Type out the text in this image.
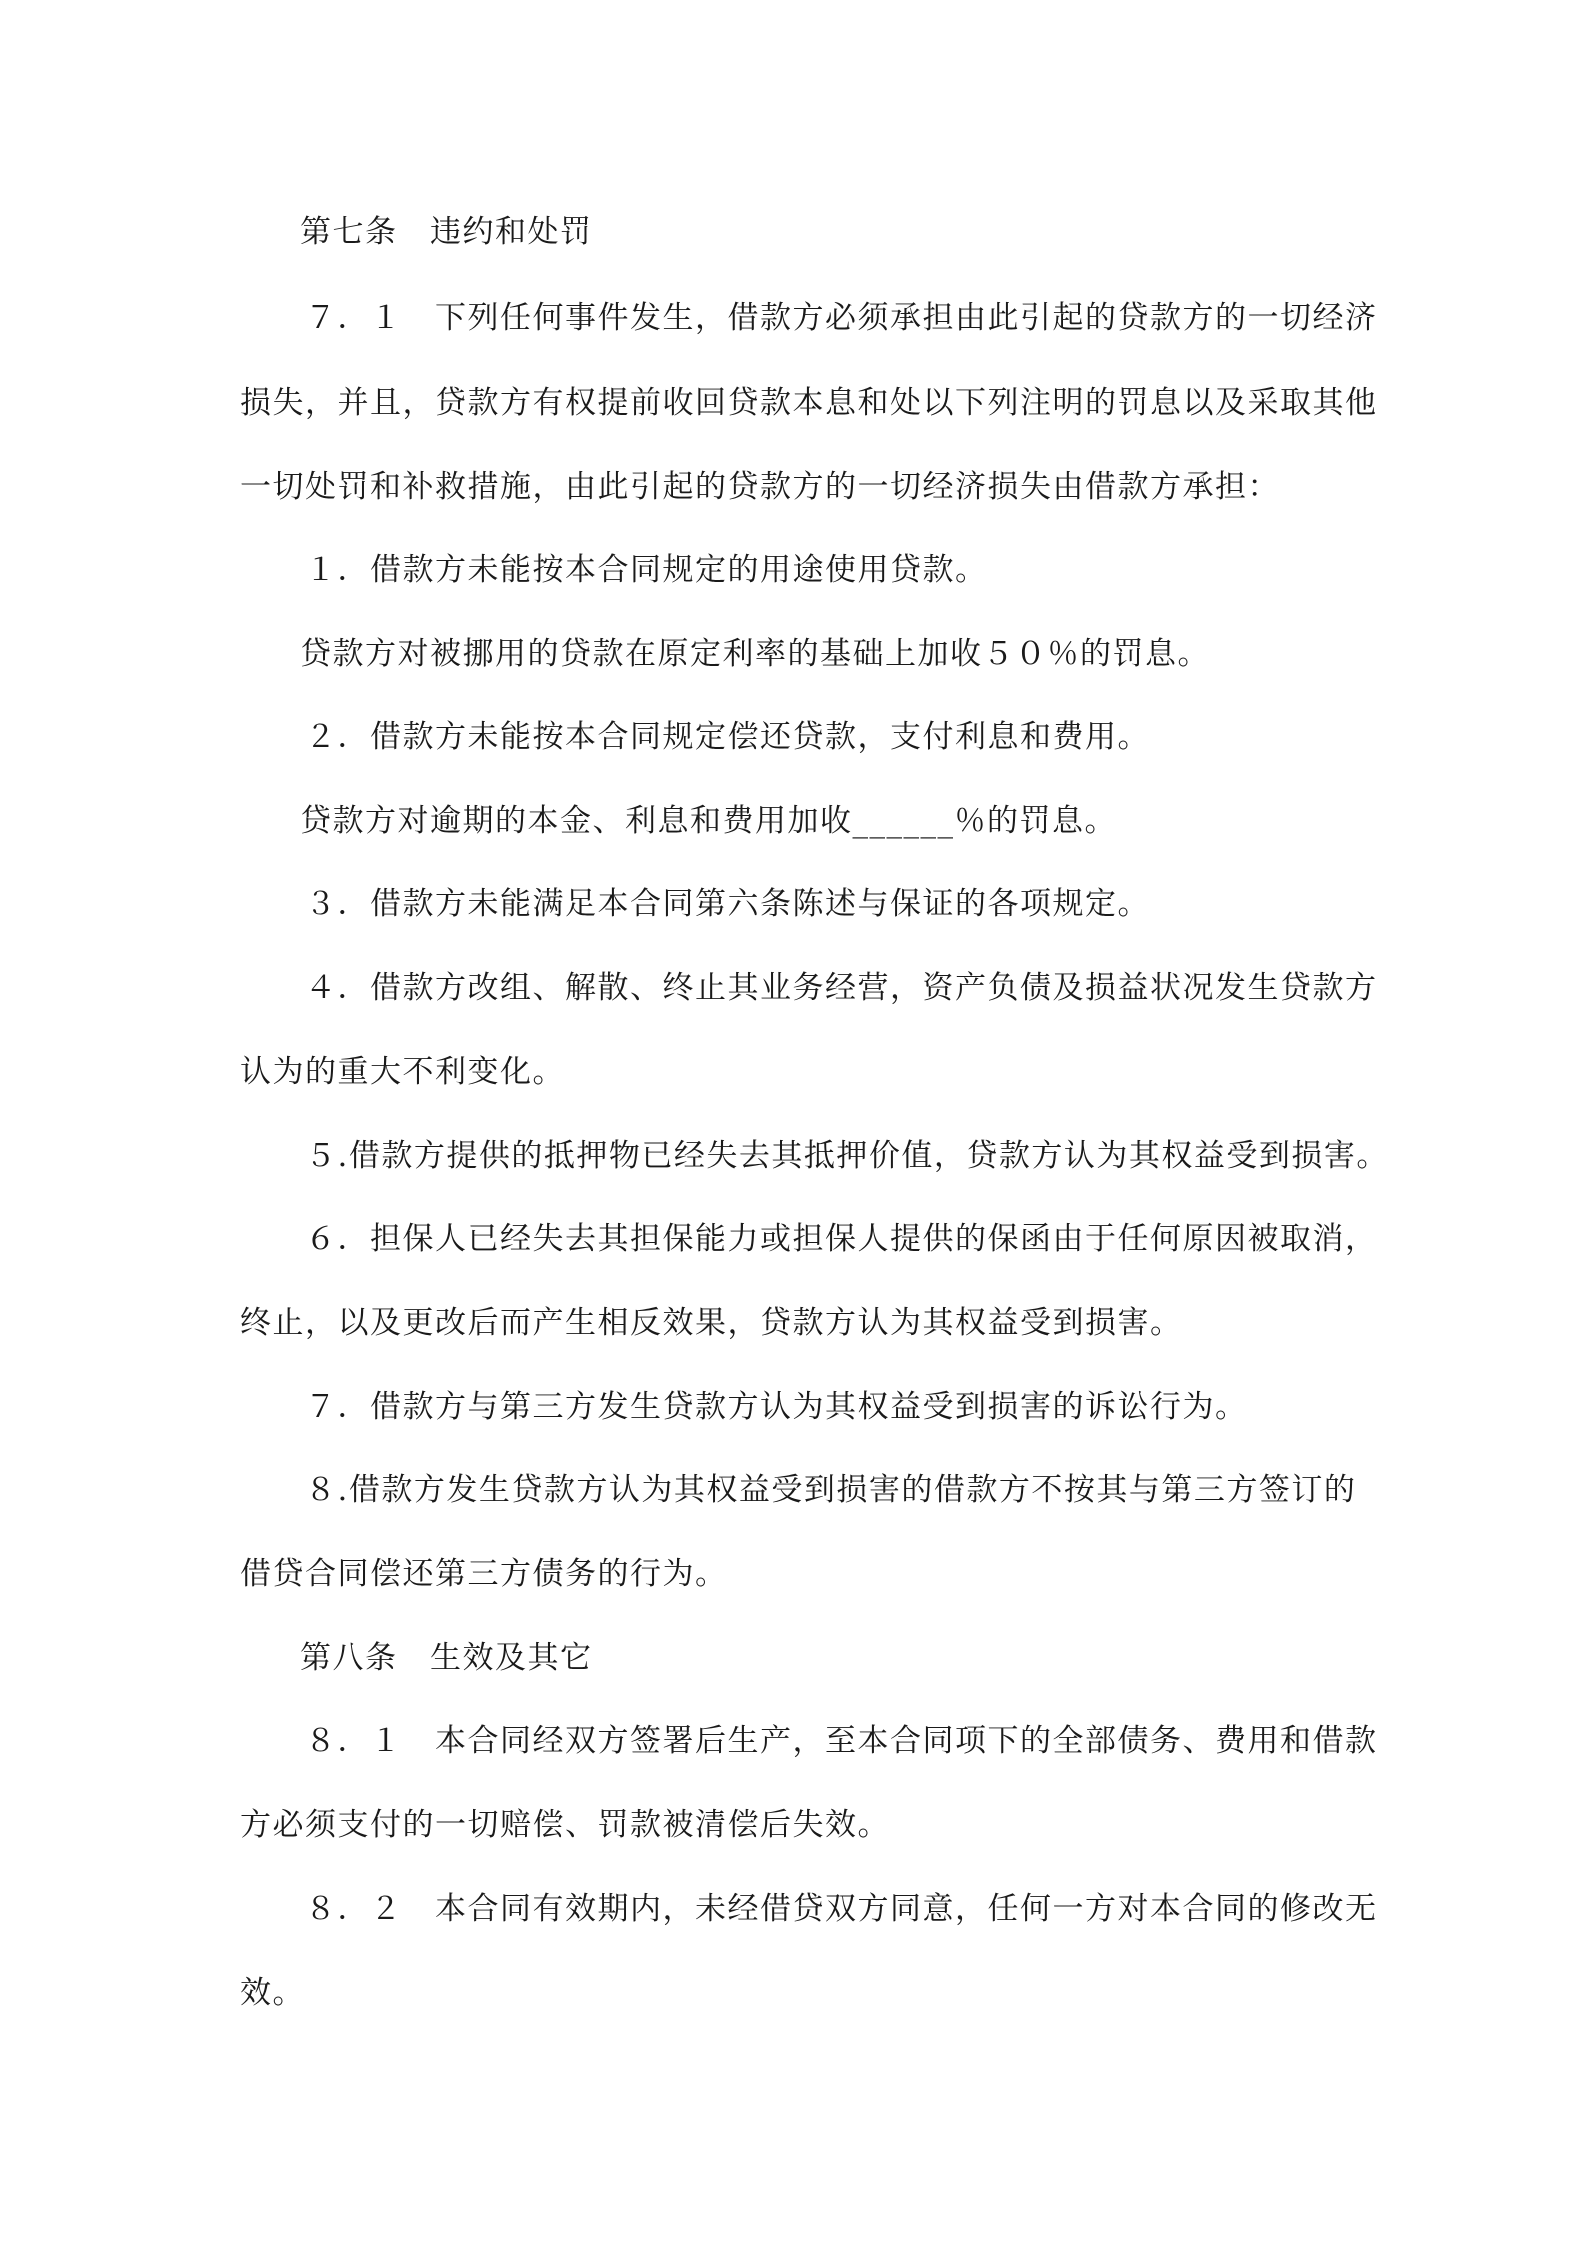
第七条　违约和处罚
７．１　下列任何事件发生，借款方必须承担由此引起的贷款方的一切经济
损失，并且，贷款方有权提前收回贷款本息和处以下列注明的罚息以及采取其他
一切处罚和补救措施，由此引起的贷款方的一切经济损失由借款方承担：
１．借款方未能按本合同规定的用途使用贷款。
贷款方对被挪用的贷款在原定利率的基础上加收５０％的罚息。
２．借款方未能按本合同规定偿还贷款，支付利息和费用。
贷款方对逾期的本金、利息和费用加收______％的罚息。
３．借款方未能满足本合同第六条陈述与保证的各项规定。
４．借款方改组、解散、终止其业务经营，资产负债及损益状况发生贷款方
认为的重大不利变化。
５.借款方提供的抵押物已经失去其抵押价值，贷款方认为其权益受到损害。
６．担保人已经失去其担保能力或担保人提供的保函由于任何原因被取消，
终止，以及更改后而产生相反效果，贷款方认为其权益受到损害。
７．借款方与第三方发生贷款方认为其权益受到损害的诉讼行为。
８.借款方发生贷款方认为其权益受到损害的借款方不按其与第三方签订的
借贷合同偿还第三方债务的行为。
第八条　生效及其它
８．１　本合同经双方签署后生产，至本合同项下的全部债务、费用和借款
方必须支付的一切赔偿、罚款被清偿后失效。
８．２　本合同有效期内，未经借贷双方同意，任何一方对本合同的修改无
效。
